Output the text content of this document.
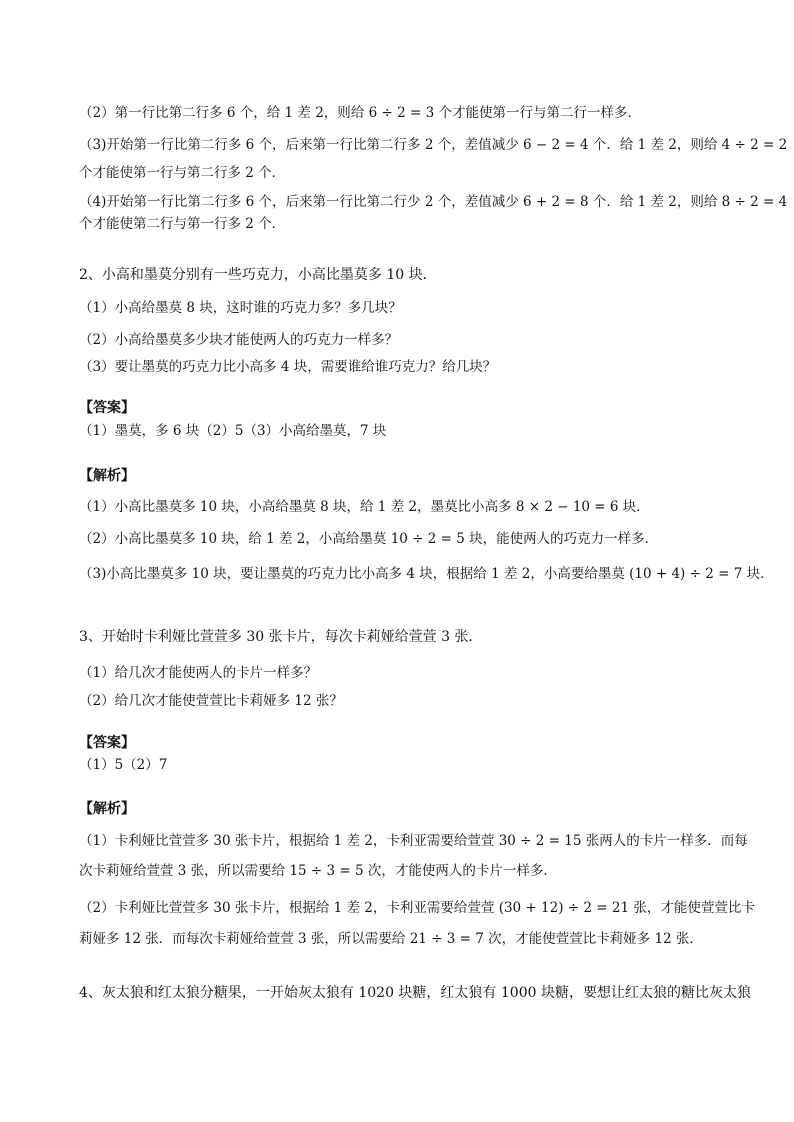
（2）第一行比第二行多 6 个，给 1 差 2，则给 6 ÷ 2 = 3 个才能使第一行与第二行一样多．
（3)开始第一行比第二行多 6 个，后来第一行比第二行多 2 个，差值减少 6 − 2 = 4 个．给 1 差 2，则给 4 ÷ 2 = 2
个才能使第一行与第二行多 2 个．
（4)开始第一行比第二行多 6 个，后来第一行比第二行少 2 个，差值减少 6 + 2 = 8 个．给 1 差 2，则给 8 ÷ 2 = 4
个才能使第二行与第一行多 2 个．
2、小高和墨莫分别有一些巧克力，小高比墨莫多 10 块．
（1）小高给墨莫 8 块，这时谁的巧克力多？多几块？
（2）小高给墨莫多少块才能使两人的巧克力一样多？
（3）要让墨莫的巧克力比小高多 4 块，需要谁给谁巧克力？给几块？
【答案】
（1）墨莫，多 6 块（2）5（3）小高给墨莫，7 块
【解析】
（1）小高比墨莫多 10 块，小高给墨莫 8 块，给 1 差 2，墨莫比小高多 8 × 2 − 10 = 6 块．
（2）小高比墨莫多 10 块，给 1 差 2，小高给墨莫 10 ÷ 2 = 5 块，能使两人的巧克力一样多．
（3)小高比墨莫多 10 块，要让墨莫的巧克力比小高多 4 块，根据给 1 差 2，小高要给墨莫 (10 + 4) ÷ 2 = 7 块．
3、开始时卡利娅比萱萱多 30 张卡片，每次卡莉娅给萱萱 3 张．
（1）给几次才能使两人的卡片一样多？
（2）给几次才能使萱萱比卡莉娅多 12 张？
【答案】
（1）5（2）7
【解析】
（1）卡利娅比萱萱多 30 张卡片，根据给 1 差 2，卡利亚需要给萱萱 30 ÷ 2 = 15 张两人的卡片一样多．而每
次卡莉娅给萱萱 3 张，所以需要给 15 ÷ 3 = 5 次，才能使两人的卡片一样多．
（2）卡利娅比萱萱多 30 张卡片，根据给 1 差 2，卡利亚需要给萱萱 (30 + 12) ÷ 2 = 21 张，才能使萱萱比卡
莉娅多 12 张．而每次卡莉娅给萱萱 3 张，所以需要给 21 ÷ 3 = 7 次，才能使萱萱比卡莉娅多 12 张．
4、灰太狼和红太狼分糖果，一开始灰太狼有 1020 块糖，红太狼有 1000 块糖，要想让红太狼的糖比灰太狼
